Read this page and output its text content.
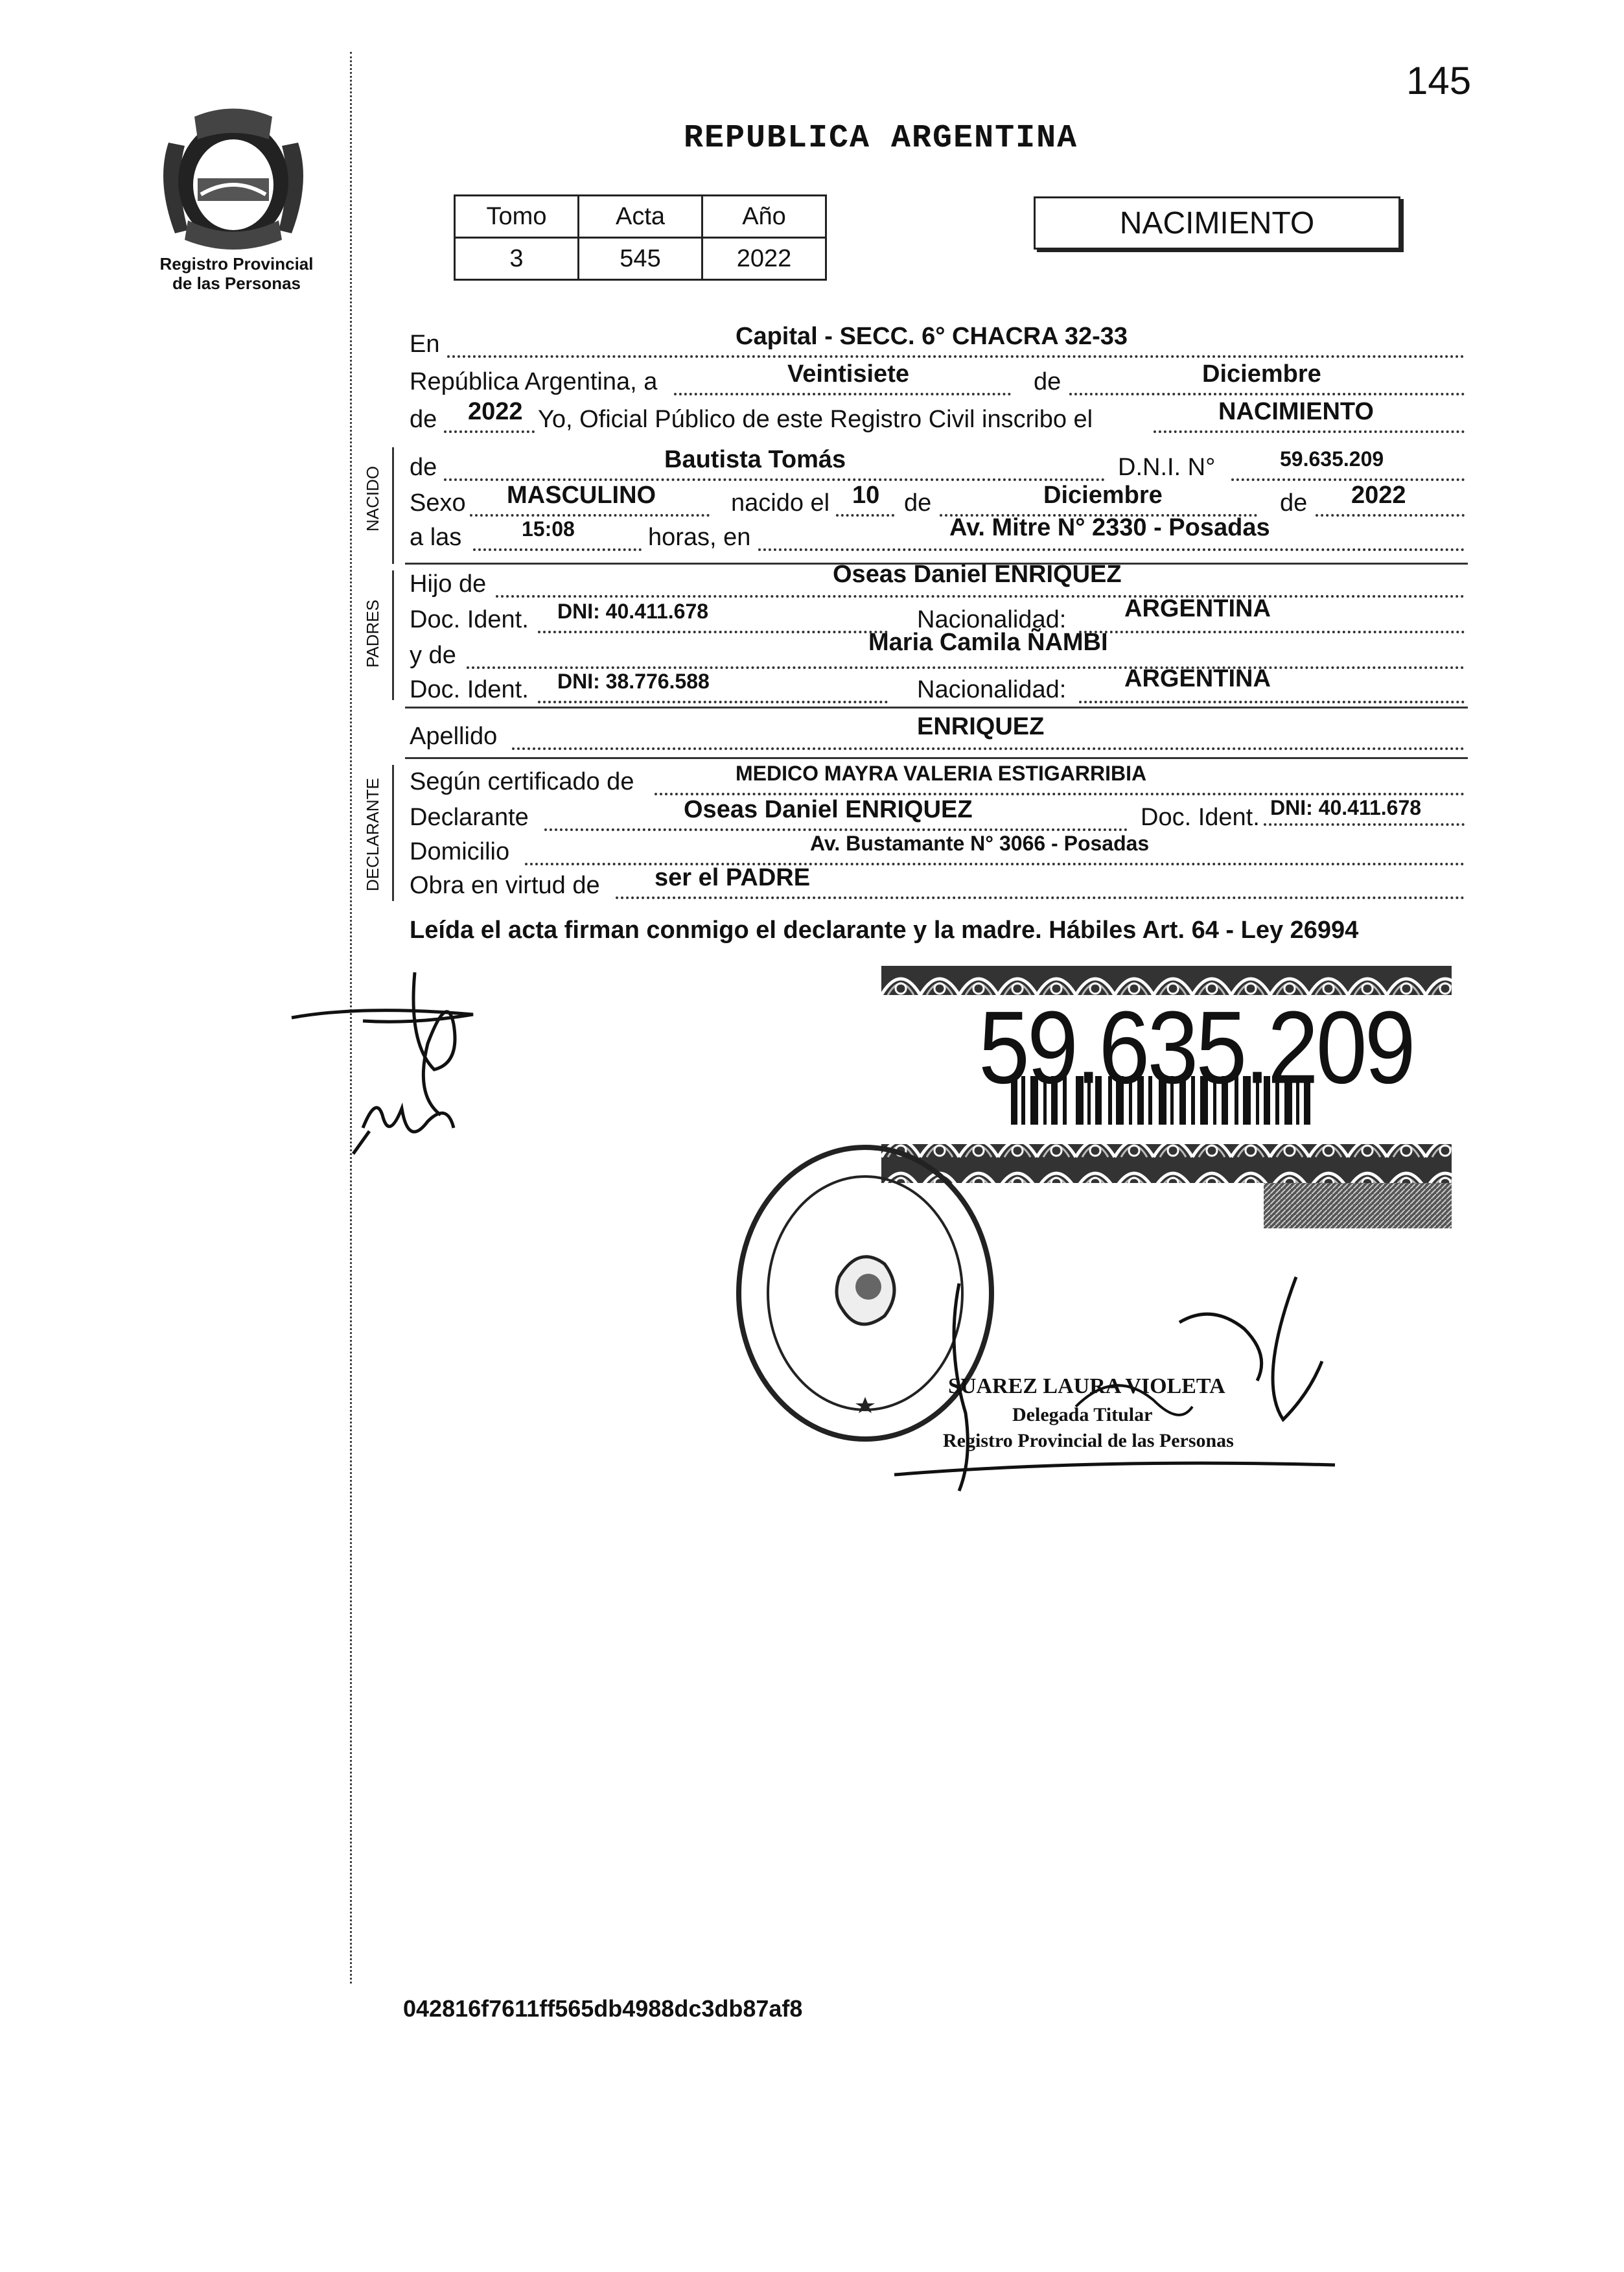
145
Registro Provincial
de las Personas
REPUBLICA ARGENTINA
Tomo	Acta	Año
3	545	2022
NACIMIENTO
En	Capital - SECC. 6° CHACRA 32-33
República Argentina, a	Veintisiete	de	Diciembre
de 2022 Yo, Oficial Público de este Registro Civil inscribo el	NACIMIENTO
NACIDO de	Bautista Tomás	D.N.I. N°	59.635.209
Sexo MASCULINO	nacido el 10 de	Diciembre	de 2022
a las	15:08	horas, en	Av. Mitre N° 2330 - Posadas
PADRES
Hijo de	Oseas Daniel ENRIQUEZ
Doc. Ident. DNI: 40.411.678	Nacionalidad: ARGENTINA
y de	Maria Camila ÑAMBI
Doc. Ident. DNI: 38.776.588	Nacionalidad: ARGENTINA
Apellido	ENRIQUEZ
DECLARANTE Según certificado de	MEDICO MAYRA VALERIA ESTIGARRIBIA
Declarante	Oseas Daniel ENRIQUEZ	Doc. Ident. DNI: 40.411.678
Domicilio	Av. Bustamante N° 3066 - Posadas
Obra en virtud de ser el PADRE
Leída el acta firman conmigo el declarante y la madre. Hábiles Art. 64 - Ley 26994
59.635.209
SUAREZ LAURA VIOLETA
Delegada Titular
Registro Provincial de las Personas
042816f7611ff565db4988dc3db87af8
